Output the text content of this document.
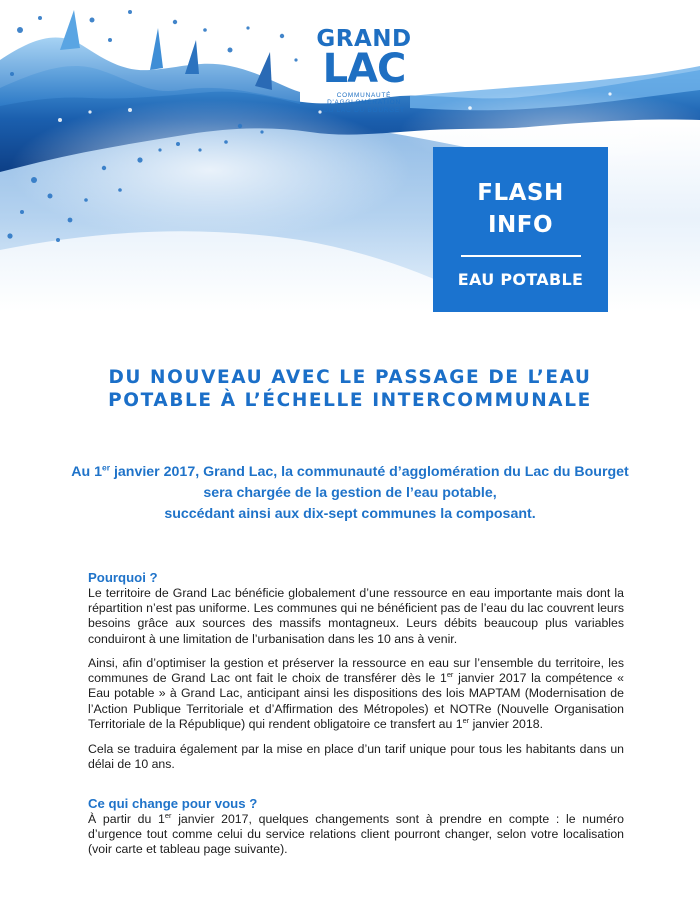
GRAND
LAC
COMMUNAUTÉ
D'AGGLOMÉRATION
DU LAC DU BOURGET
FLASH
INFO
EAU POTABLE
DU NOUVEAU AVEC LE PASSAGE DE L’EAU
POTABLE À L’ÉCHELLE INTERCOMMUNALE
Au 1er janvier 2017, Grand Lac, la communauté d’agglomération du Lac du Bourget
sera chargée de la gestion de l’eau potable,
succédant ainsi aux dix-sept communes la composant.
Pourquoi ?

Le territoire de Grand Lac bénéficie globalement d’une ressource en eau importante mais dont la répartition n’est pas uniforme. Les communes qui ne bénéficient pas de l’eau du lac couvrent leurs besoins grâce aux sources des massifs montagneux. Leurs débits beaucoup plus variables conduiront à une limitation de l’urbanisation dans les 10 ans à venir.

Ainsi, afin d’optimiser la gestion et préserver la ressource en eau sur l’ensemble du territoire, les communes de Grand Lac ont fait le choix de transférer dès le 1er janvier 2017 la compétence « Eau potable » à Grand Lac, anticipant ainsi les dispositions des lois MAPTAM (Modernisation de l’Action Publique Territoriale et d’Affirmation des Métropoles) et NOTRe (Nouvelle Organisation Territoriale de la République) qui rendent obligatoire ce transfert au 1er janvier 2018.

Cela se traduira également par la mise en place d’un tarif unique pour tous les habitants dans un délai de 10 ans.

Ce qui change pour vous ?

À partir du 1er janvier 2017, quelques changements sont à prendre en compte : le numéro d’urgence tout comme celui du service relations client pourront changer, selon votre localisation (voir carte et tableau page suivante).
